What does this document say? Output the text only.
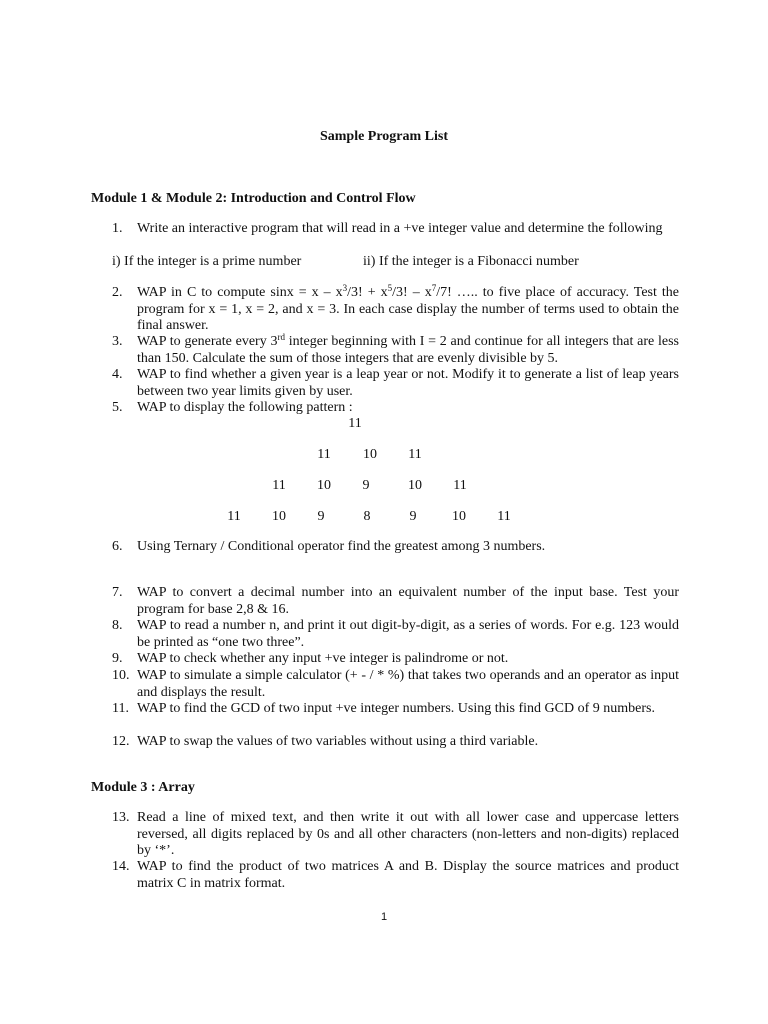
Sample Program List
Module 1 & Module 2: Introduction and Control Flow
1.	Write an interactive program that will read in a +ve integer value and determine the following
i) If the integer is a prime number	ii) If the integer is a Fibonacci number
2.	WAP in C to compute $\sin x = x - x^3/3$! + $x^5/3$! – $x^7/7$! ….. to five place of accuracy. Test the program for x = 1, x = 2, and x = 3. In each case display the number of terms used to obtain the final answer.
3.	WAP to generate every 3rd integer beginning with I = 2 and continue for all integers that are less than 150. Calculate the sum of those integers that are evenly divisible by 5.
4.	WAP to find whether a given year is a leap year or not. Modify it to generate a list of leap years between two year limits given by user.
5.	WAP to display the following pattern :
11
11	10	11
11	10	9	10	11
11	10	9	8	9	10	11
6.	Using Ternary / Conditional operator find the greatest among 3 numbers.
7.	WAP to convert a decimal number into an equivalent number of the input base. Test your program for base 2,8 & 16.
8.	WAP to read a number n, and print it out digit-by-digit, as a series of words. For e.g. 123 would be printed as “one two three”.
9.	WAP to check whether any input +ve integer is palindrome or not.
10. WAP to simulate a simple calculator (+ - / * %) that takes two operands and an operator as input and displays the result.
11. WAP to find the GCD of two input +ve integer numbers. Using this find GCD of 9 numbers.
12. WAP to swap the values of two variables without using a third variable.
Module 3 : Array
13. Read a line of mixed text, and then write it out with all lower case and uppercase letters reversed, all digits replaced by 0s and all other characters (non-letters and non-digits) replaced by ‘*’.
14. WAP to find the product of two matrices A and B. Display the source matrices and product matrix C in matrix format.
1
